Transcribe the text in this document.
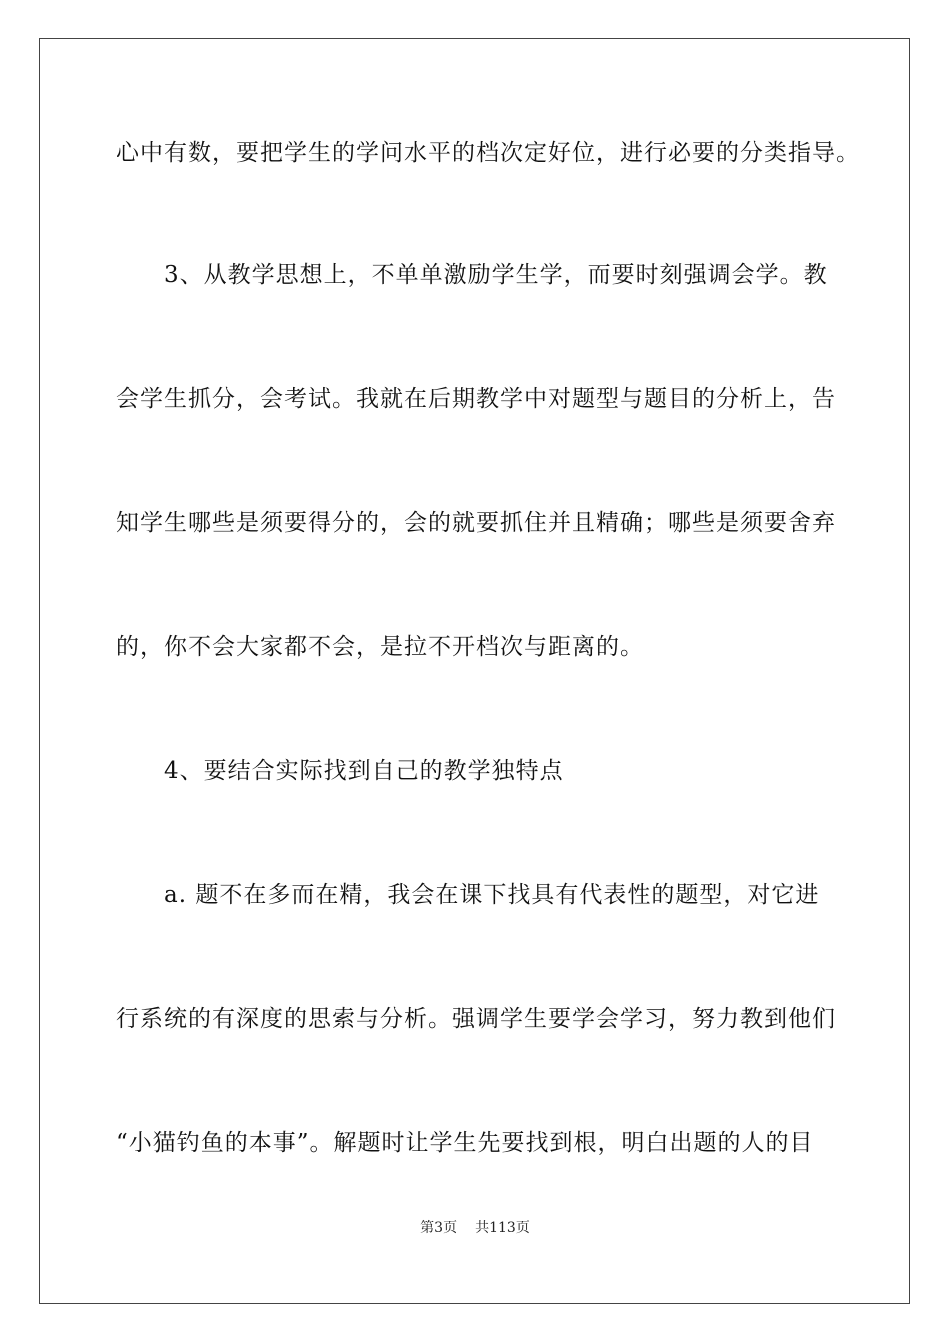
心中有数，要把学生的学问水平的档次定好位，进行必要的分类指导。
3、从教学思想上，不单单激励学生学，而要时刻强调会学。教
会学生抓分，会考试。我就在后期教学中对题型与题目的分析上，告
知学生哪些是须要得分的，会的就要抓住并且精确；哪些是须要舍弃
的，你不会大家都不会，是拉不开档次与距离的。
4、要结合实际找到自己的教学独特点
a. 题不在多而在精，我会在课下找具有代表性的题型，对它进
行系统的有深度的思索与分析。强调学生要学会学习，努力教到他们
“小猫钓鱼的本事”。解题时让学生先要找到根，明白出题的人的目
第3页 共113页
